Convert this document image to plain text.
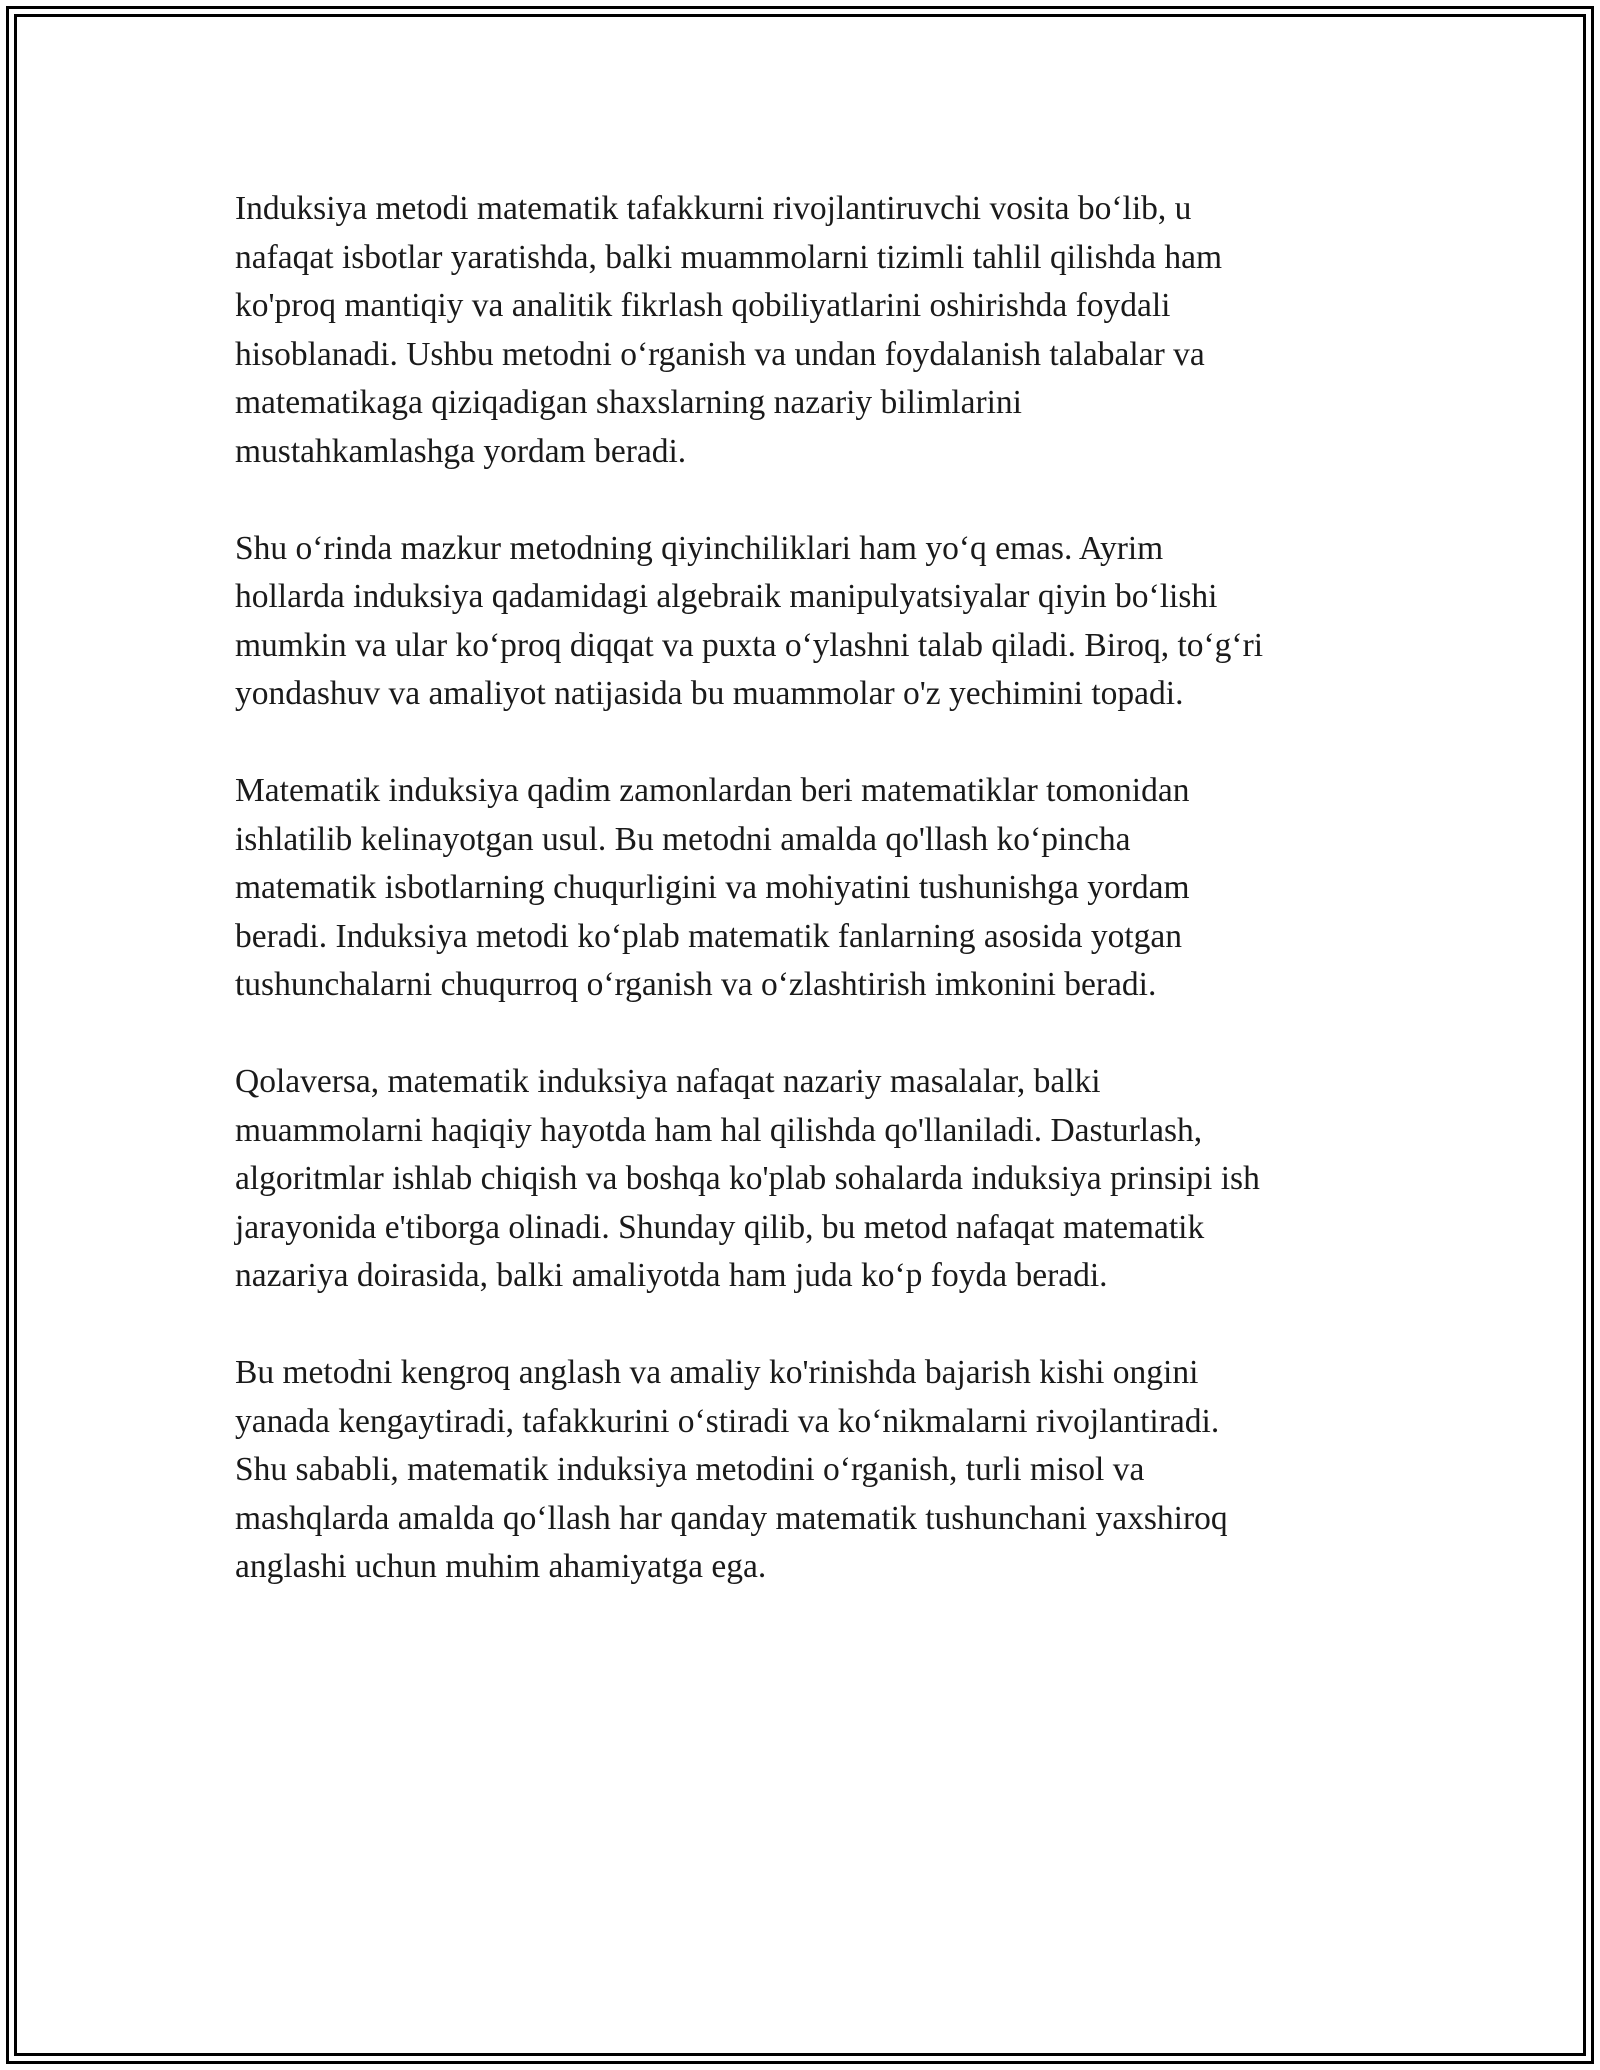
Induksiya metodi matematik tafakkurni rivojlantiruvchi vosita bo‘lib, u
nafaqat isbotlar yaratishda, balki muammolarni tizimli tahlil qilishda ham
ko'proq mantiqiy va analitik fikrlash qobiliyatlarini oshirishda foydali
hisoblanadi. Ushbu metodni o‘rganish va undan foydalanish talabalar va
matematikaga qiziqadigan shaxslarning nazariy bilimlarini
mustahkamlashga yordam beradi.

Shu o‘rinda mazkur metodning qiyinchiliklari ham yo‘q emas. Ayrim
hollarda induksiya qadamidagi algebraik manipulyatsiyalar qiyin bo‘lishi
mumkin va ular ko‘proq diqqat va puxta o‘ylashni talab qiladi. Biroq, to‘g‘ri
yondashuv va amaliyot natijasida bu muammolar o'z yechimini topadi.

Matematik induksiya qadim zamonlardan beri matematiklar tomonidan
ishlatilib kelinayotgan usul. Bu metodni amalda qo'llash ko‘pincha
matematik isbotlarning chuqurligini va mohiyatini tushunishga yordam
beradi. Induksiya metodi ko‘plab matematik fanlarning asosida yotgan
tushunchalarni chuqurroq o‘rganish va o‘zlashtirish imkonini beradi.

Qolaversa, matematik induksiya nafaqat nazariy masalalar, balki
muammolarni haqiqiy hayotda ham hal qilishda qo'llaniladi. Dasturlash,
algoritmlar ishlab chiqish va boshqa ko'plab sohalarda induksiya prinsipi ish
jarayonida e'tiborga olinadi. Shunday qilib, bu metod nafaqat matematik
nazariya doirasida, balki amaliyotda ham juda ko‘p foyda beradi.

Bu metodni kengroq anglash va amaliy ko'rinishda bajarish kishi ongini
yanada kengaytiradi, tafakkurini o‘stiradi va ko‘nikmalarni rivojlantiradi.
Shu sababli, matematik induksiya metodini o‘rganish, turli misol va
mashqlarda amalda qo‘llash har qanday matematik tushunchani yaxshiroq
anglashi uchun muhim ahamiyatga ega.
